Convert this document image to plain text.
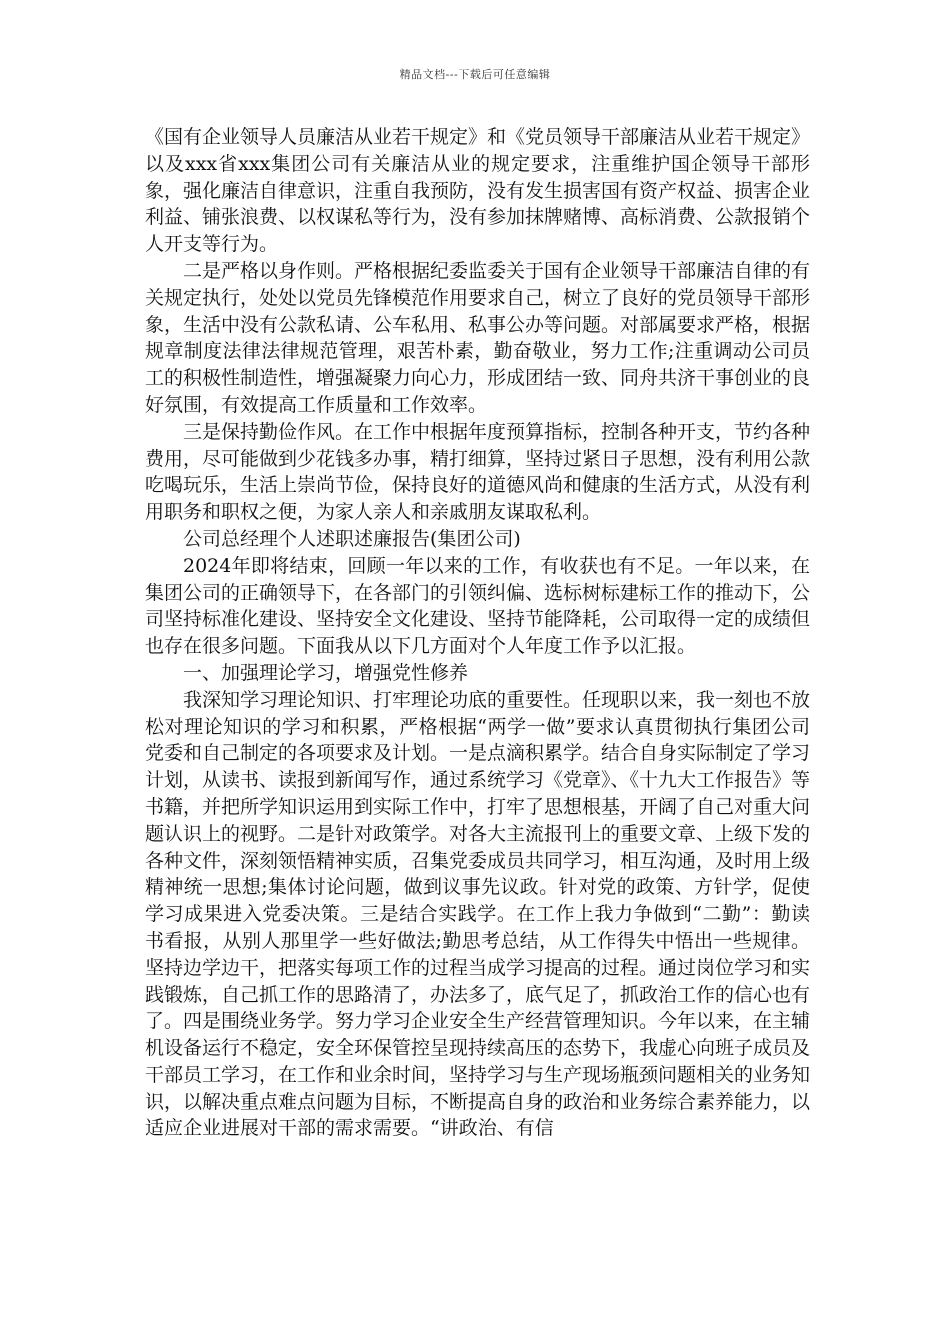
精品文档---下载后可任意编辑

《国有企业领导人员廉洁从业若干规定》和《党员领导干部廉洁从业若干规定》以及xxx省xxx集团公司有关廉洁从业的规定要求，注重维护国企领导干部形象，强化廉洁自律意识，注重自我预防，没有发生损害国有资产权益、损害企业利益、铺张浪费、以权谋私等行为，没有参加抹牌赌博、高标消费、公款报销个人开支等行为。

二是严格以身作则。严格根据纪委监委关于国有企业领导干部廉洁自律的有关规定执行，处处以党员先锋模范作用要求自己，树立了良好的党员领导干部形象，生活中没有公款私请、公车私用、私事公办等问题。对部属要求严格，根据规章制度法律法律规范管理，艰苦朴素，勤奋敬业，努力工作;注重调动公司员工的积极性制造性，增强凝聚力向心力，形成团结一致、同舟共济干事创业的良好氛围，有效提高工作质量和工作效率。

三是保持勤俭作风。在工作中根据年度预算指标，控制各种开支，节约各种费用，尽可能做到少花钱多办事，精打细算，坚持过紧日子思想，没有利用公款吃喝玩乐，生活上崇尚节俭，保持良好的道德风尚和健康的生活方式，从没有利用职务和职权之便，为家人亲人和亲戚朋友谋取私利。

公司总经理个人述职述廉报告(集团公司)

2024年即将结束，回顾一年以来的工作，有收获也有不足。一年以来，在集团公司的正确领导下，在各部门的引领纠偏、选标树标建标工作的推动下，公司坚持标准化建设、坚持安全文化建设、坚持节能降耗，公司取得一定的成绩但也存在很多问题。下面我从以下几方面对个人年度工作予以汇报。

一、加强理论学习，增强党性修养

我深知学习理论知识、打牢理论功底的重要性。任现职以来，我一刻也不放松对理论知识的学习和积累，严格根据“两学一做”要求认真贯彻执行集团公司党委和自己制定的各项要求及计划。一是点滴积累学。结合自身实际制定了学习计划，从读书、读报到新闻写作，通过系统学习《党章》、《十九大工作报告》等书籍，并把所学知识运用到实际工作中，打牢了思想根基，开阔了自己对重大问题认识上的视野。二是针对政策学。对各大主流报刊上的重要文章、上级下发的各种文件，深刻领悟精神实质，召集党委成员共同学习，相互沟通，及时用上级精神统一思想;集体讨论问题，做到议事先议政。针对党的政策、方针学，促使学习成果进入党委决策。三是结合实践学。在工作上我力争做到“二勤”：勤读书看报，从别人那里学一些好做法;勤思考总结，从工作得失中悟出一些规律。坚持边学边干，把落实每项工作的过程当成学习提高的过程。通过岗位学习和实践锻炼，自己抓工作的思路清了，办法多了，底气足了，抓政治工作的信心也有了。四是围绕业务学。努力学习企业安全生产经营管理知识。今年以来，在主辅机设备运行不稳定，安全环保管控呈现持续高压的态势下，我虚心向班子成员及干部员工学习，在工作和业余时间，坚持学习与生产现场瓶颈问题相关的业务知识，以解决重点难点问题为目标，不断提高自身的政治和业务综合素养能力，以适应企业进展对干部的需求需要。“讲政治、有信
